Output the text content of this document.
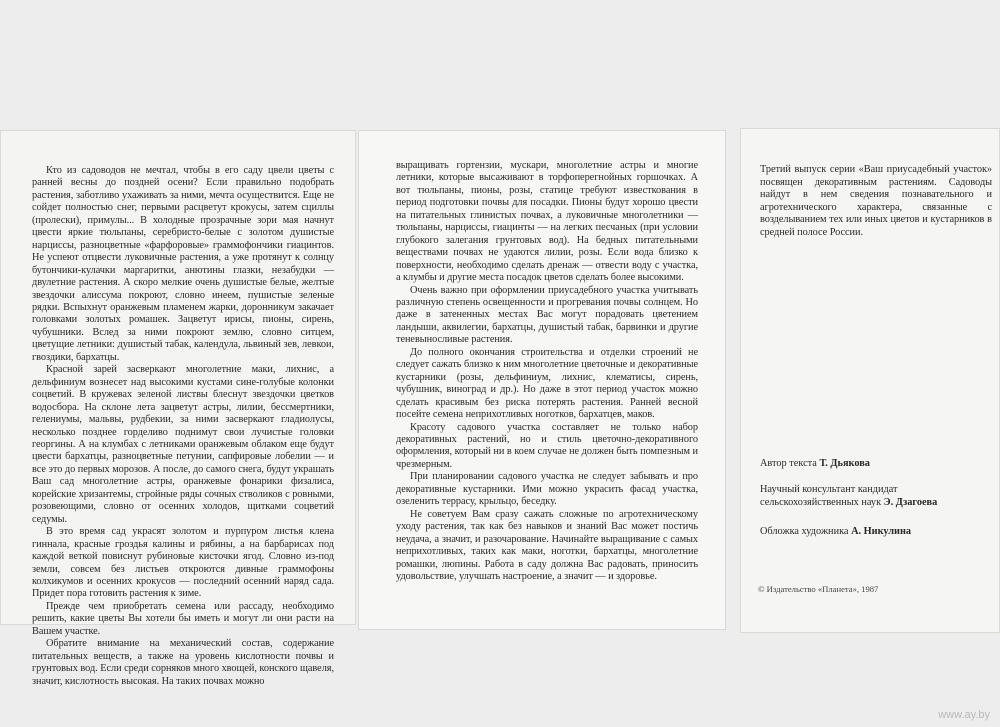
Кто из садоводов не мечтал, чтобы в его саду цвели цветы с ранней весны до поздней осени? Если правильно подобрать растения, заботливо ухаживать за ними, мечта осуществится. Еще не сойдет полностью снег, первыми расцветут крокусы, затем сциллы (пролески), примулы... В холодные прозрачные зори мая начнут цвести яркие тюльпаны, серебристо-белые с золотом душистые нарциссы, разноцветные «фарфоровые» граммофончики гиацинтов. Не успеют отцвести луковичные растения, а уже протянут к солнцу бутончики-кулачки маргаритки, анютины глазки, незабудки — двулетние растения. А скоро мелкие очень душистые белые, желтые звездочки алиссума покроют, словно инеем, пушистые зеленые рядки. Вспыхнут оранжевым пламенем жарки, доронникум закачает головками золотых ромашек. Зацветут ирисы, пионы, сирень, чубушники. Вслед за ними покроют землю, словно ситцем, цветущие летники: душистый табак, календула, львиный зев, левкои, гвоздики, бархатцы.

Красной зарей засверкают многолетние маки, лихнис, а дельфиниум вознесет над высокими кустами сине-голубые колонки соцветий. В кружевах зеленой листвы блеснут звездочки цветков водосбора. На склоне лета зацветут астры, лилии, бессмертники, гелениумы, мальвы, рудбекии, за ними засверкают гладиолусы, несколько позднее горделиво поднимут свои лучистые головки георгины. А на клумбах с летниками оранжевым облаком еще будут цвести бархатцы, разноцветные петунии, сапфировые лобелии — и все это до первых морозов. А после, до самого снега, будут украшать Ваш сад многолетние астры, оранжевые фонарики физалиса, корейские хризантемы, стройные ряды сочных стволиков с ровными, розовеющими, словно от осенних холодов, щитками соцветий седумы.

В это время сад украсят золотом и пурпуром листья клена гиннала, красные гроздья калины и рябины, а на барбарисах под каждой веткой повиснут рубиновые кисточки ягод. Словно из-под земли, совсем без листьев откроются дивные граммофоны колхикумов и осенних крокусов — последний осенний наряд сада. Придет пора готовить растения к зиме.

Прежде чем приобретать семена или рассаду, необходимо решить, какие цветы Вы хотели бы иметь и могут ли они расти на Вашем участке.

Обратите внимание на механический состав, содержание питательных веществ, а также на уровень кислотности почвы и грунтовых вод. Если среди сорняков много хвощей, конского щавеля, значит, кислотность высокая. На таких почвах можно

выращивать гортензии, мускари, многолетние астры и многие летники, которые высаживают в торфоперегнойных горшочках. А вот тюльпаны, пионы, розы, статице требуют известкования в период подготовки почвы для посадки. Пионы будут хорошо цвести на питательных глинистых почвах, а луковичные многолетники — тюльпаны, нарциссы, гиацинты — на легких песчаных (при условии глубокого залегания грунтовых вод). На бедных питательными веществами почвах не удаются лилии, розы. Если вода близко к поверхности, необходимо сделать дренаж — отвести воду с участка, а клумбы и другие места посадок цветов сделать более высокими.

Очень важно при оформлении приусадебного участка учитывать различную степень освещенности и прогревания почвы солнцем. Но даже в затененных местах Вас могут порадовать цветением ландыши, аквилегии, бархатцы, душистый табак, барвинки и другие теневыносливые растения.

До полного окончания строительства и отделки строений не следует сажать близко к ним многолетние цветочные и декоративные кустарники (розы, дельфиниум, лихнис, клематисы, сирень, чубушник, виноград и др.). Но даже в этот период участок можно сделать красивым без риска потерять растения. Ранней весной посейте семена неприхотливых ноготков, бархатцев, маков.

Красоту садового участка составляет не только набор декоративных растений, но и стиль цветочно-декоративного оформления, который ни в коем случае не должен быть помпезным и чрезмерным.

При планировании садового участка не следует забывать и про декоративные кустарники. Ими можно украсить фасад участка, озеленить террасу, крыльцо, беседку.

Не советуем Вам сразу сажать сложные по агротехническому уходу растения, так как без навыков и знаний Вас может постичь неудача, а значит, и разочарование. Начинайте выращивание с самых неприхотливых, таких как маки, ноготки, бархатцы, многолетние ромашки, люпины. Работа в саду должна Вас радовать, приносить удовольствие, улучшать настроение, а значит — и здоровье.

Третий выпуск серии «Ваш приусадебный участок» посвящен декоративным растениям. Садоводы найдут в нем сведения познавательного и агротехнического характера, связанные с возделыванием тех или иных цветов и кустарников в средней полосе России.

Автор текста Т. Дьякова
Научный консультант кандидат сельскохозяйственных наук Э. Дзагоева
Обложка художника А. Никулина
© Издательство «Планета», 1987
www.ay.by
